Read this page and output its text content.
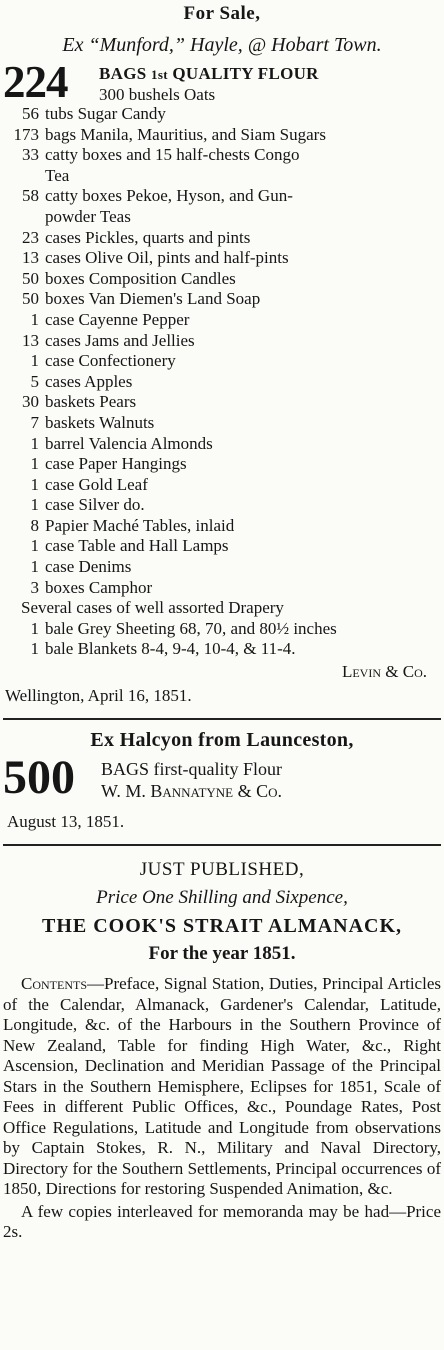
For Sale,
Ex “Munford,” Hayle, @ Hobart Town.
224	BAGS 1st QUALITY FLOUR
300 bushels Oats
56 tubs Sugar Candy
173 bags Manila, Mauritius, and Siam Sugars
33 catty boxes and 15 half-chests Congo
Tea
58 catty boxes Pekoe, Hyson, and Gun-
powder Teas
23 cases Pickles, quarts and pints
13 cases Olive Oil, pints and half-pints
50 boxes Composition Candles
50 boxes Van Diemen's Land Soap
1 case Cayenne Pepper
13 cases Jams and Jellies
1 case Confectionery
5 cases Apples
30 baskets Pears
7 baskets Walnuts
1 barrel Valencia Almonds
1 case Paper Hangings
1 case Gold Leaf
1 case Silver do.
8 Papier Maché Tables, inlaid
1 case Table and Hall Lamps
1 case Denims
3 boxes Camphor
Several cases of well assorted Drapery
1 bale Grey Sheeting 68, 70, and 80½ inches
1 bale Blankets 8-4, 9-4, 10-4, & 11-4.
Levin & Co.
Wellington, April 16, 1851.
Ex Halcyon from Launceston,
500	BAGS first-quality Flour
W. M. Bannatyne & Co.
August 13, 1851.
JUST PUBLISHED,
Price One Shilling and Sixpence,
THE COOK'S STRAIT ALMANACK,
For the year 1851.
Contents—Preface, Signal Station, Duties, Principal Articles of the Calendar, Almanack, Gardener's Calendar, Latitude, Longitude, &c. of the Harbours in the Southern Province of New Zealand, Table for finding High Water, &c., Right Ascension, Declination and Meridian Passage of the Principal Stars in the Southern Hemisphere, Eclipses for 1851, Scale of Fees in different Public Offices, &c., Poundage Rates, Post Office Regulations, Latitude and Longitude from observations by Captain Stokes, R. N., Military and Naval Directory, Directory for the Southern Settlements, Principal occurrences of 1850, Directions for restoring Suspended Animation, &c.
A few copies interleaved for memoranda may be had—Price 2s.
